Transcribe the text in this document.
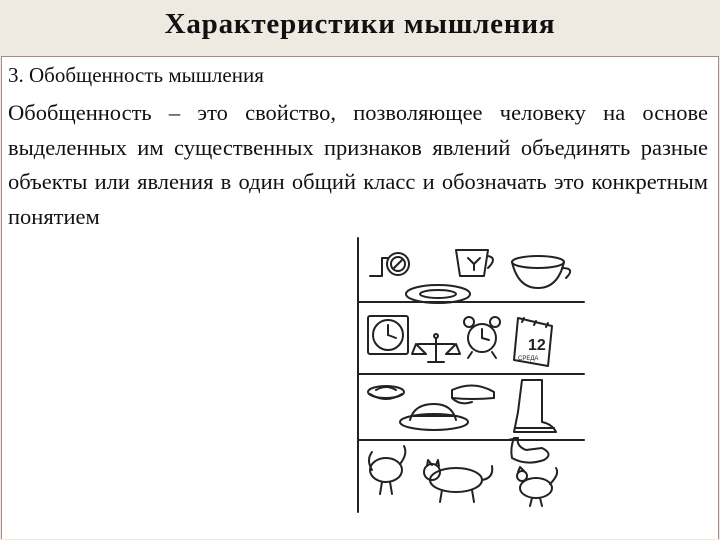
Характеристики мышления
3. Обобщенность мышления
Обобщенность – это свойство, позволяющее человеку на основе выделенных им существенных признаков явлений объединять разные объекты или явления в один общий класс и обозначать это конкретным понятием
12
СРЕДА
